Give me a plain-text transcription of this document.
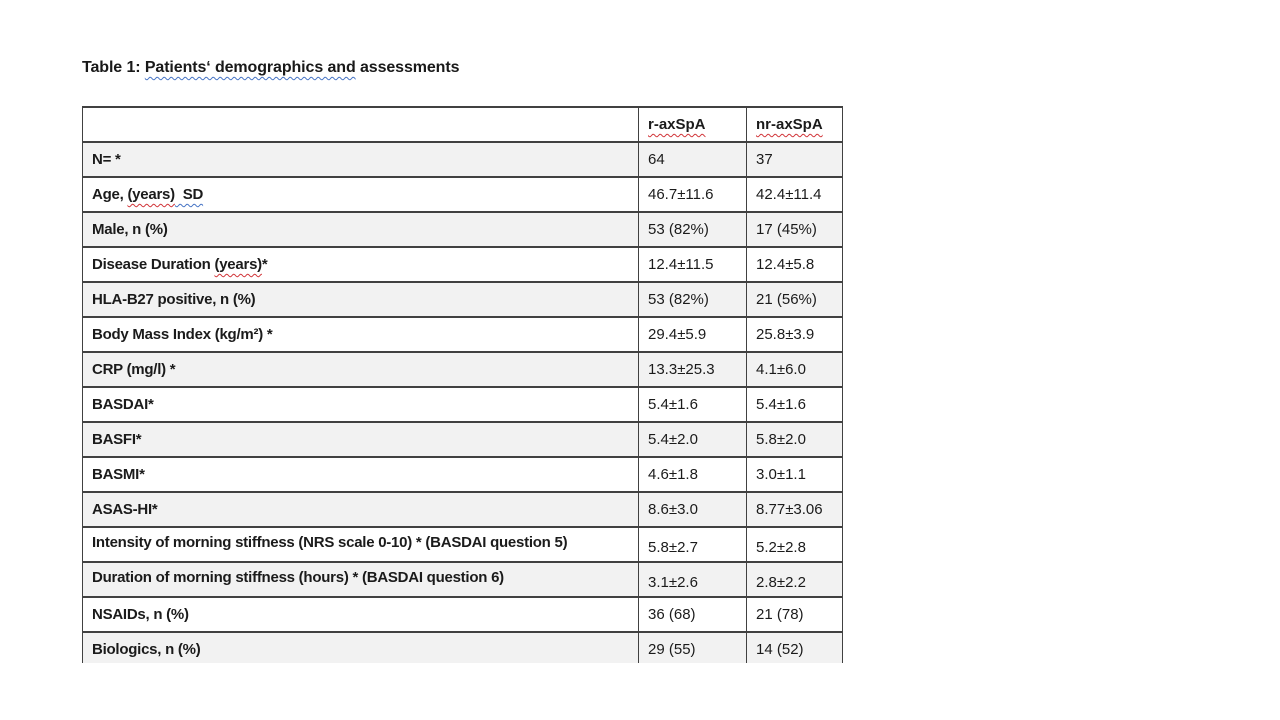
Table 1: Patients‘ demographics and assessments
	r-axSpA	nr-axSpA
N= *	64	37
Age, (years)  SD	46.7±11.6	42.4±11.4
Male, n (%)	53 (82%)	17 (45%)
Disease Duration (years)*	12.4±11.5	12.4±5.8
HLA-B27 positive, n (%)	53 (82%)	21 (56%)
Body Mass Index (kg/m²) *	29.4±5.9	25.8±3.9
CRP (mg/l) *	13.3±25.3	4.1±6.0
BASDAI*	5.4±1.6	5.4±1.6
BASFI*	5.4±2.0	5.8±2.0
BASMI*	4.6±1.8	3.0±1.1
ASAS-HI*	8.6±3.0	8.77±3.06
Intensity of morning stiffness (NRS scale 0-10) * (BASDAI question 5)	5.8±2.7	5.2±2.8
Duration of morning stiffness (hours) * (BASDAI question 6)	3.1±2.6	2.8±2.2
NSAIDs, n (%)	36 (68)	21 (78)
Biologics, n (%)	29 (55)	14 (52)
